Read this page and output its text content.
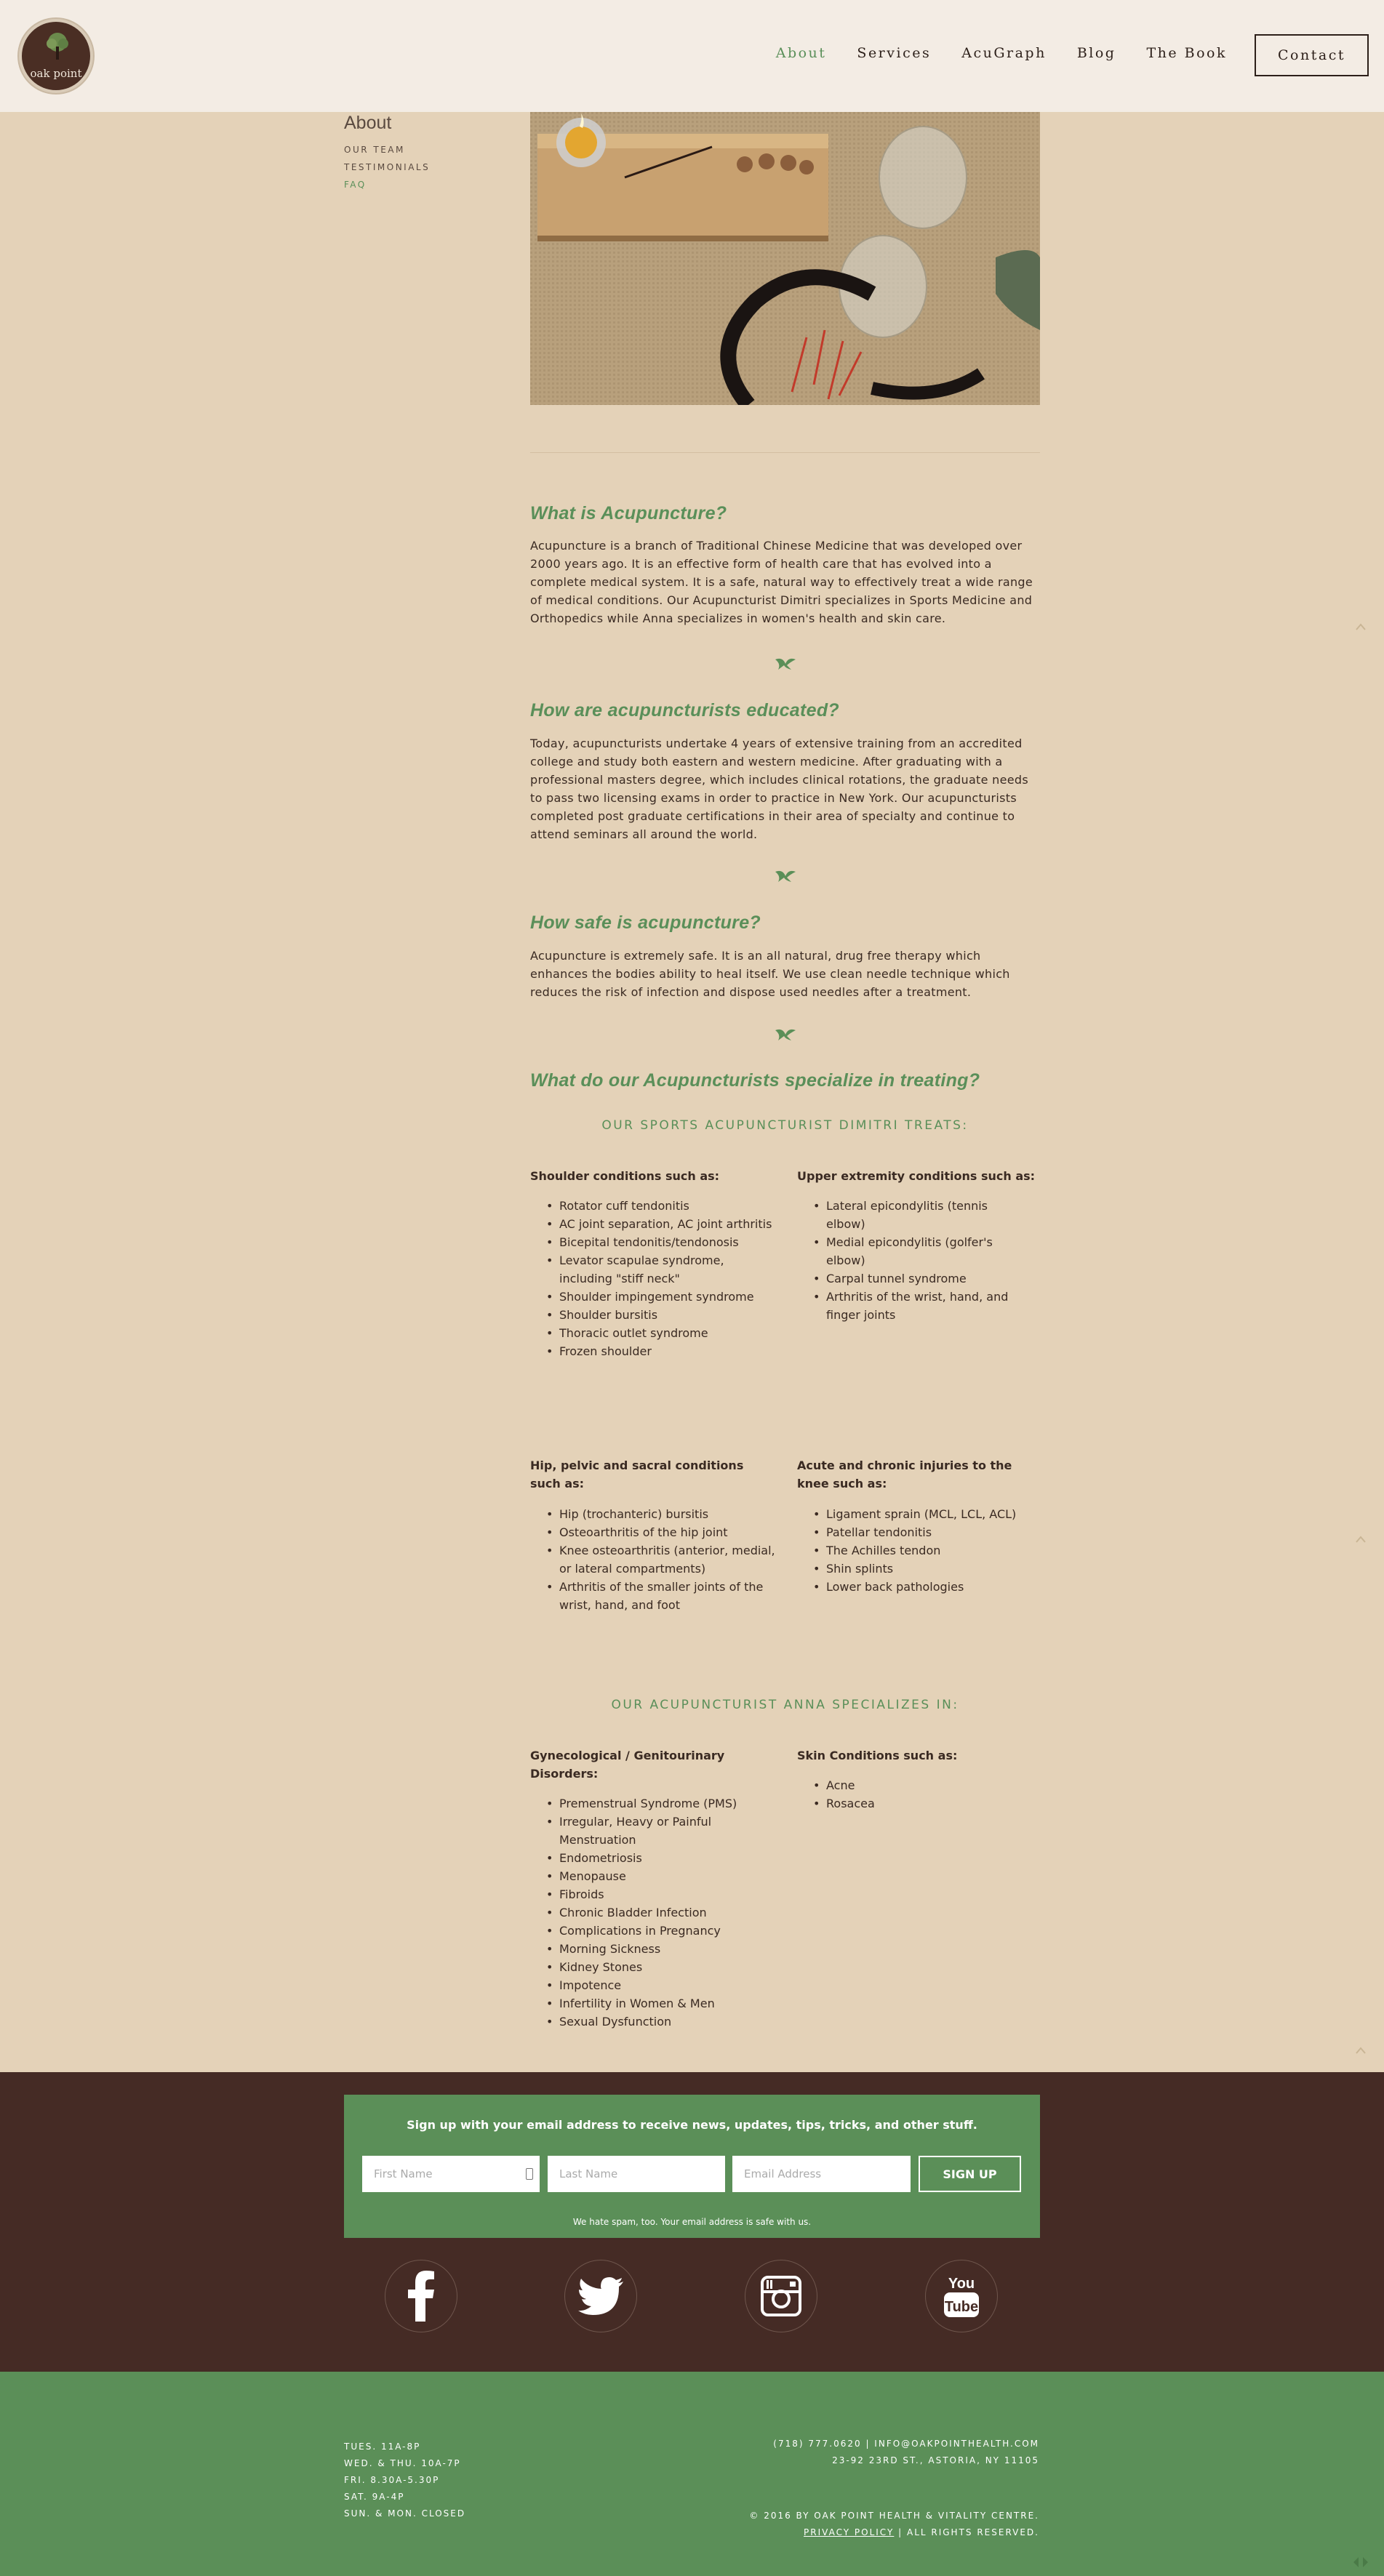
oak point
About Services AcuGraph Blog The Book	Contact
About
OUR TEAM
TESTIMONIALS
FAQ
What is Acupuncture?

Acupuncture is a branch of Traditional Chinese Medicine that was developed over 2000 years ago. It is an effective form of health care that has evolved into a complete medical system. It is a safe, natural way to effectively treat a wide range of medical conditions. Our Acupuncturist Dimitri specializes in Sports Medicine and Orthopedics while Anna specializes in women's health and skin care.

How are acupuncturists educated?

Today, acupuncturists undertake 4 years of extensive training from an accredited college and study both eastern and western medicine. After graduating with a professional masters degree, which includes clinical rotations, the graduate needs to pass two licensing exams in order to practice in New York. Our acupuncturists completed post graduate certifications in their area of specialty and continue to attend seminars all around the world.

How safe is acupuncture?

Acupuncture is extremely safe. It is an all natural, drug free therapy which enhances the bodies ability to heal itself. We use clean needle technique which reduces the risk of infection and dispose used needles after a treatment.

What do our Acupuncturists specialize in treating?
OUR SPORTS ACUPUNCTURIST DIMITRI TREATS:
Shoulder conditions such as:
• Rotator cuff tendonitis
• AC joint separation, AC joint arthritis
• Bicepital tendonitis/tendonosis
• Levator scapulae syndrome, including "stiff neck"
• Shoulder impingement syndrome
• Shoulder bursitis
• Thoracic outlet syndrome
• Frozen shoulder
Upper extremity conditions such as:
• Lateral epicondylitis (tennis elbow)
• Medial epicondylitis (golfer's elbow)
• Carpal tunnel syndrome
• Arthritis of the wrist, hand, and finger joints
Hip, pelvic and sacral conditions such as:
• Hip (trochanteric) bursitis
• Osteoarthritis of the hip joint
• Knee osteoarthritis (anterior, medial, or lateral compartments)
• Arthritis of the smaller joints of the wrist, hand, and foot
Acute and chronic injuries to the knee such as:
• Ligament sprain (MCL, LCL, ACL)
• Patellar tendonitis
• The Achilles tendon
• Shin splints
• Lower back pathologies
OUR ACUPUNCTURIST ANNA SPECIALIZES IN:
Gynecological / Genitourinary Disorders:
• Premenstrual Syndrome (PMS)
• Irregular, Heavy or Painful Menstruation
• Endometriosis
• Menopause
• Fibroids
• Chronic Bladder Infection
• Complications in Pregnancy
• Morning Sickness
• Kidney Stones
• Impotence
• Infertility in Women & Men
• Sexual Dysfunction
Skin Conditions such as:
• Acne
• Rosacea
Sign up with your email address to receive news, updates, tips, tricks, and other stuff.
First Name
Last Name
Email Address
SIGN UP
We hate spam, too. Your email address is safe with us.
You
Tube
TUES. 11A-8P
WED. & THU. 10A-7P
FRI. 8.30A-5.30P
SAT. 9A-4P
SUN. & MON. CLOSED
(718) 777.0620 | INFO@OAKPOINTHEALTH.COM
23-92 23RD ST., ASTORIA, NY 11105
© 2016 BY OAK POINT HEALTH & VITALITY CENTRE.
PRIVACY POLICY | ALL RIGHTS RESERVED.
